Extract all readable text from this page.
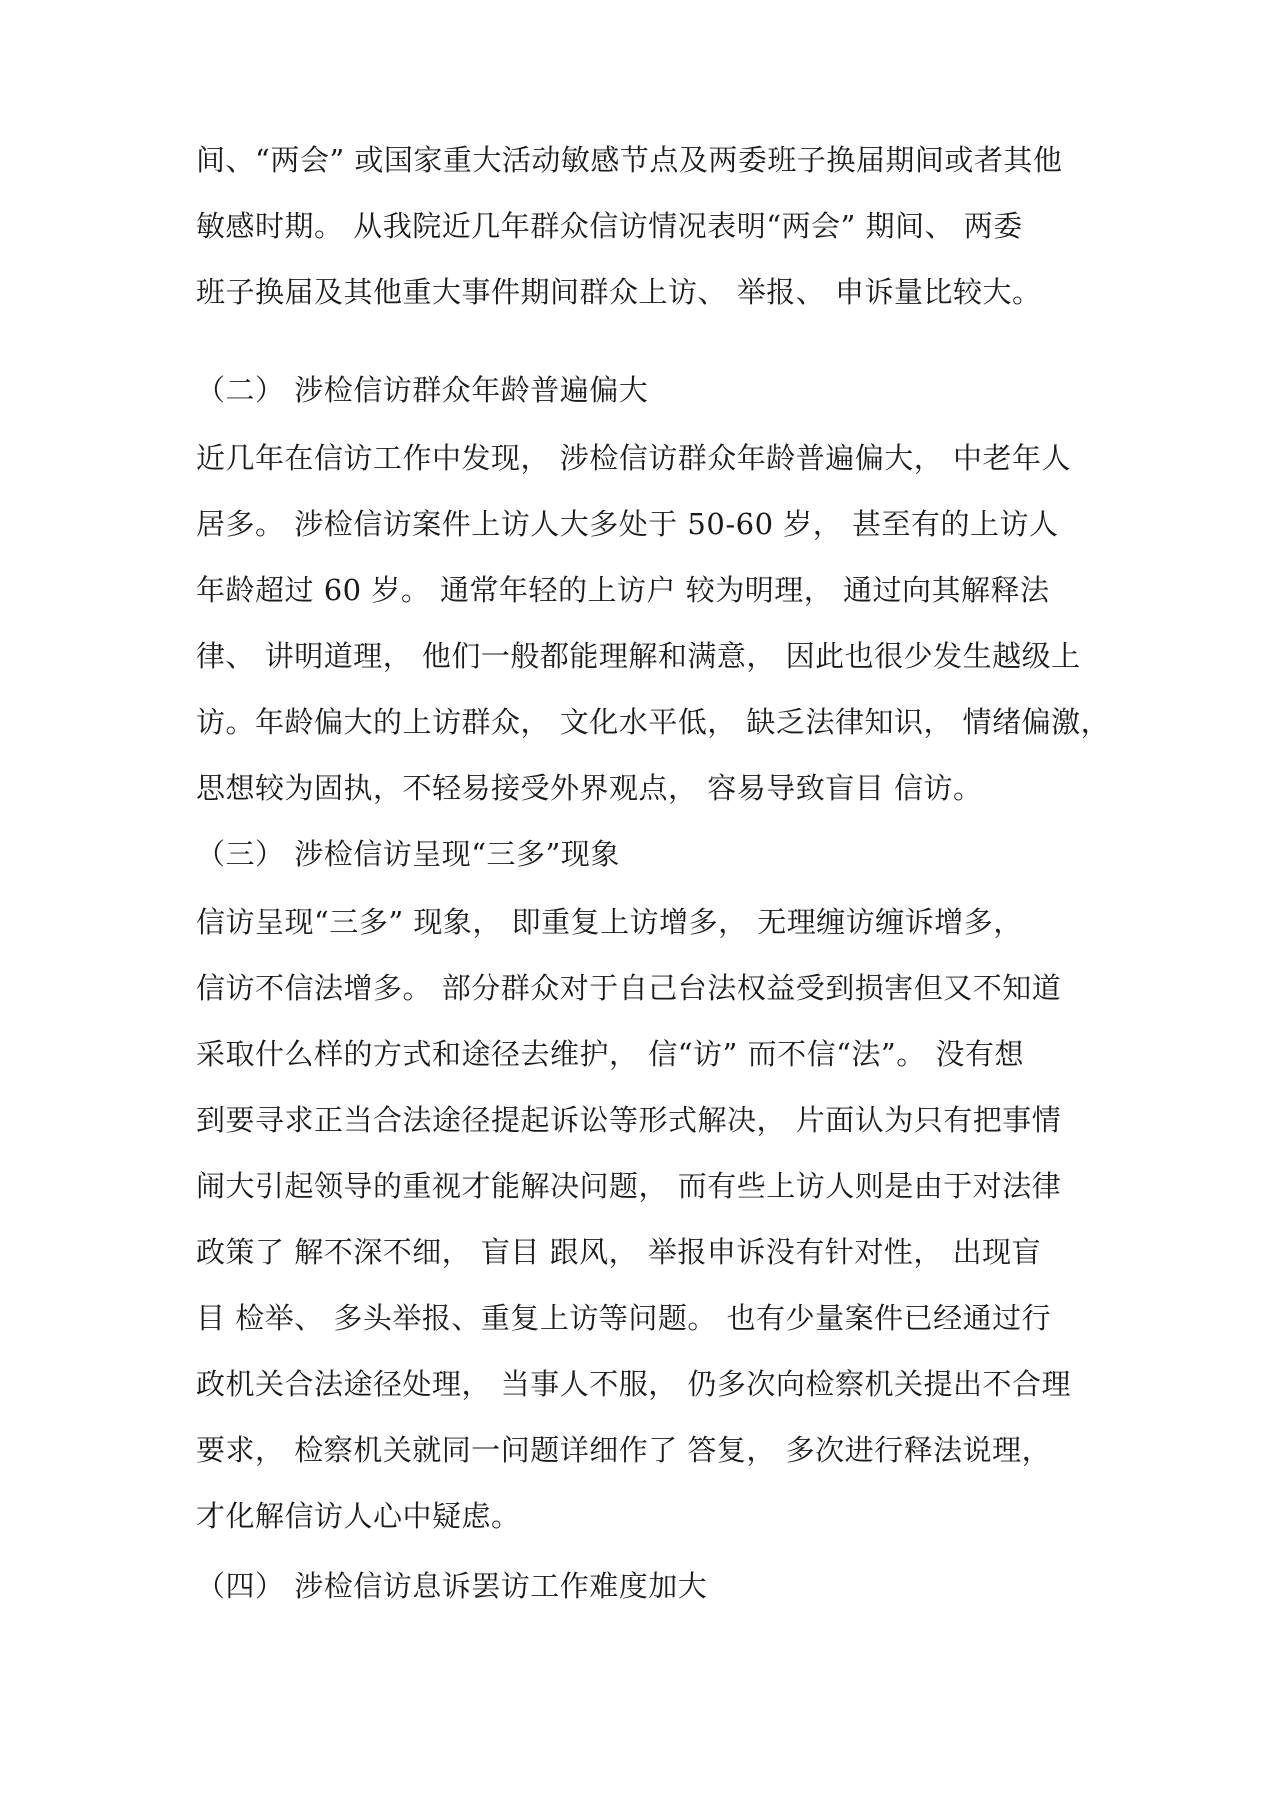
间、“两会” 或国家重大活动敏感节点及两委班子换届期间或者其他
敏感时期。 从我院近几年群众信访情况表明“两会” 期间、 两委
班子换届及其他重大事件期间群众上访、 举报、 申诉量比较大。
（二） 涉检信访群众年龄普遍偏大
近几年在信访工作中发现， 涉检信访群众年龄普遍偏大， 中老年人
居多。 涉检信访案件上访人大多处于 50-60 岁， 甚至有的上访人
年龄超过 60 岁。 通常年轻的上访户 较为明理， 通过向其解释法
律、 讲明道理， 他们一般都能理解和满意， 因此也很少发生越级上
访。年龄偏大的上访群众， 文化水平低， 缺乏法律知识， 情绪偏激，
思想较为固执，不轻易接受外界观点， 容易导致盲目 信访。
（三） 涉检信访呈现“三多”现象
信访呈现“三多” 现象， 即重复上访增多， 无理缠访缠诉增多，
信访不信法增多。 部分群众对于自己台法权益受到损害但又不知道
采取什么样的方式和途径去维护， 信“访” 而不信“法”。 没有想
到要寻求正当合法途径提起诉讼等形式解决， 片面认为只有把事情
闹大引起领导的重视才能解决问题， 而有些上访人则是由于对法律
政策了 解不深不细， 盲目 跟风， 举报申诉没有针对性， 出现盲
目 检举、 多头举报、重复上访等问题。 也有少量案件已经通过行
政机关合法途径处理， 当事人不服， 仍多次向检察机关提出不合理
要求， 检察机关就同一问题详细作了 答复， 多次进行释法说理，
才化解信访人心中疑虑。
（四） 涉检信访息诉罢访工作难度加大
